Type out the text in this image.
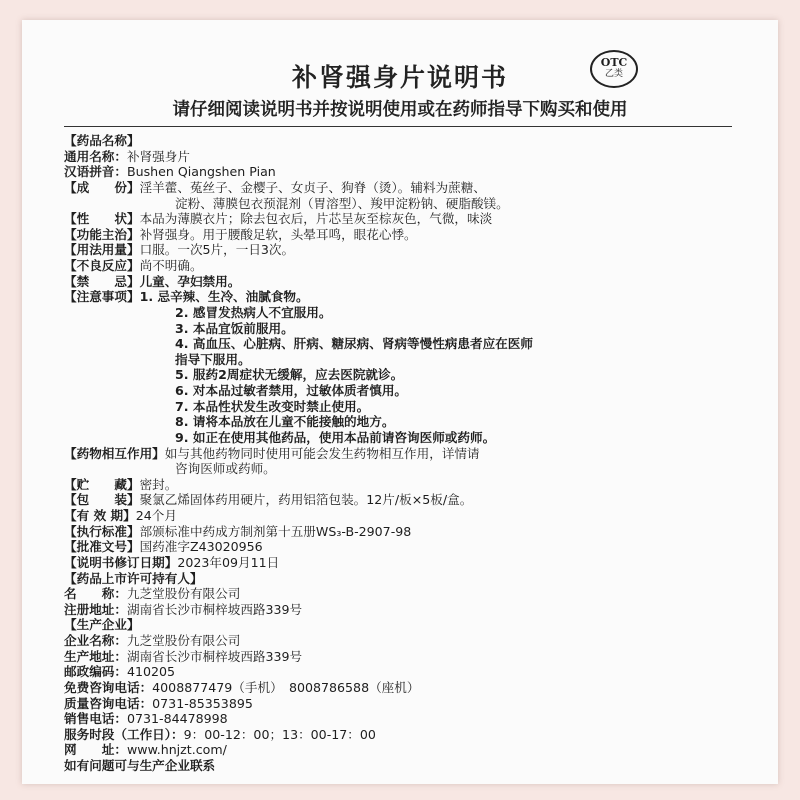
补肾强身片说明书
OTC
乙类
请仔细阅读说明书并按说明使用或在药师指导下购买和使用
【药品名称】
通用名称：补肾强身片
汉语拼音：Bushen Qiangshen Pian
【成　　份】淫羊藿、菟丝子、金樱子、女贞子、狗脊（烫）。辅料为蔗糖、
淀粉、薄膜包衣预混剂（胃溶型）、羧甲淀粉钠、硬脂酸镁。
【性　　状】本品为薄膜衣片；除去包衣后，片芯呈灰至棕灰色，气微，味淡
【功能主治】补肾强身。用于腰酸足软，头晕耳鸣，眼花心悸。
【用法用量】口服。一次5片，一日3次。
【不良反应】尚不明确。
【禁　　忌】儿童、孕妇禁用。
【注意事项】1. 忌辛辣、生冷、油腻食物。
2. 感冒发热病人不宜服用。
3. 本品宜饭前服用。
4. 高血压、心脏病、肝病、糖尿病、肾病等慢性病患者应在医师
指导下服用。
5. 服药2周症状无缓解，应去医院就诊。
6. 对本品过敏者禁用，过敏体质者慎用。
7. 本品性状发生改变时禁止使用。
8. 请将本品放在儿童不能接触的地方。
9. 如正在使用其他药品，使用本品前请咨询医师或药师。
【药物相互作用】如与其他药物同时使用可能会发生药物相互作用，详情请
咨询医师或药师。
【贮　　藏】密封。
【包　　装】聚氯乙烯固体药用硬片，药用铝箔包装。12片/板×5板/盒。
【有 效 期】24个月
【执行标准】部颁标准中药成方制剂第十五册WS₃-B-2907-98
【批准文号】国药准字Z43020956
【说明书修订日期】2023年09月11日
【药品上市许可持有人】
名　　称：九芝堂股份有限公司
注册地址：湖南省长沙市桐梓坡西路339号
【生产企业】
企业名称：九芝堂股份有限公司
生产地址：湖南省长沙市桐梓坡西路339号
邮政编码：410205
免费咨询电话：4008877479（手机）　8008786588（座机）
质量咨询电话：0731-85353895
销售电话：0731-84478998
服务时段（工作日）：9：00-12：00；13：00-17：00
网　　址：www.hnjzt.com/
如有问题可与生产企业联系
